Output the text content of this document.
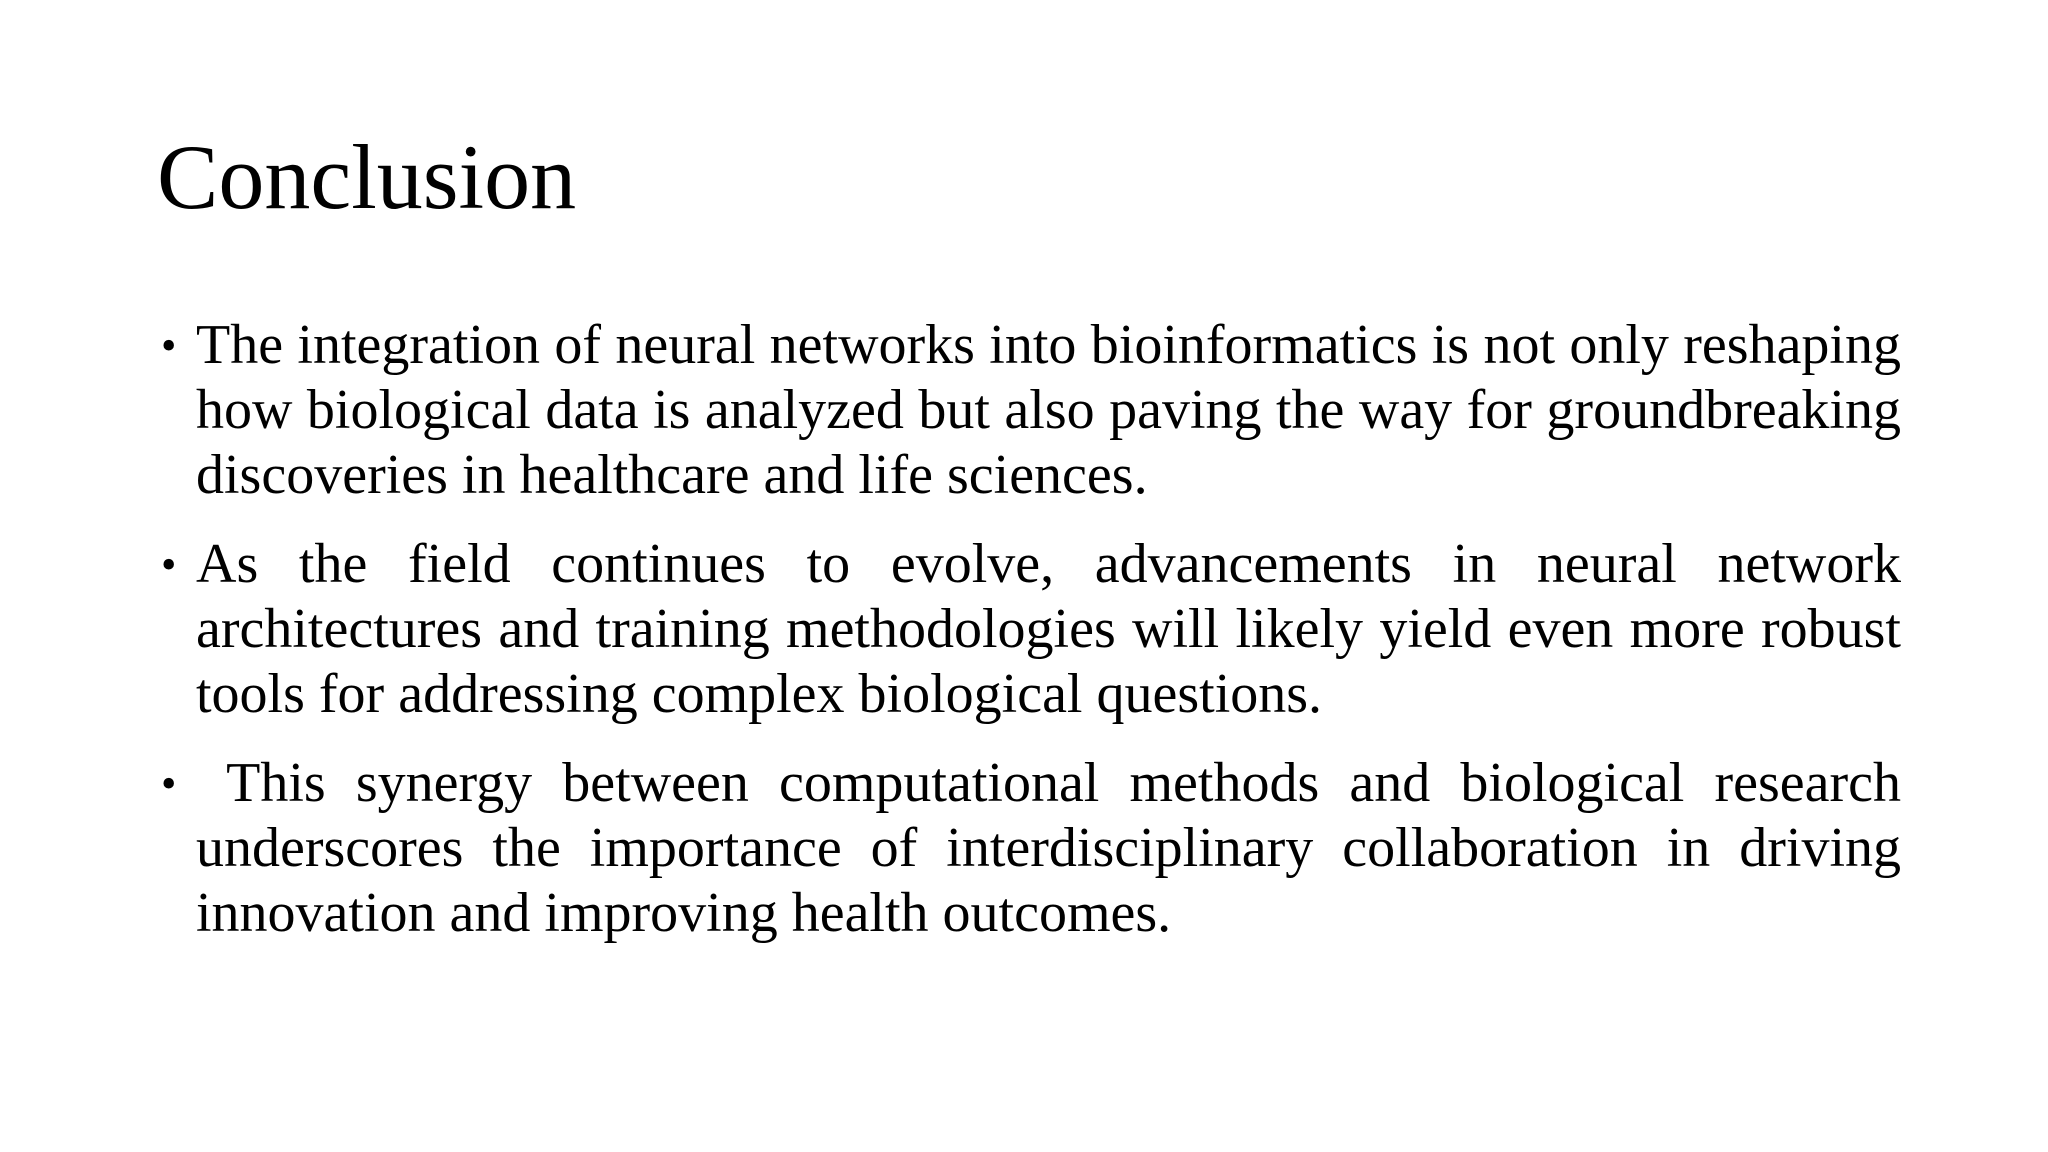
Conclusion
• The integration of neural networks into bioinformatics is not only reshaping how biological data is analyzed but also paving the way for groundbreaking discoveries in healthcare and life sciences.
• As the field continues to evolve, advancements in neural network architectures and training methodologies will likely yield even more robust tools for addressing complex biological questions.
• This synergy between computational methods and biological research underscores the importance of interdisciplinary collaboration in driving innovation and improving health outcomes.
